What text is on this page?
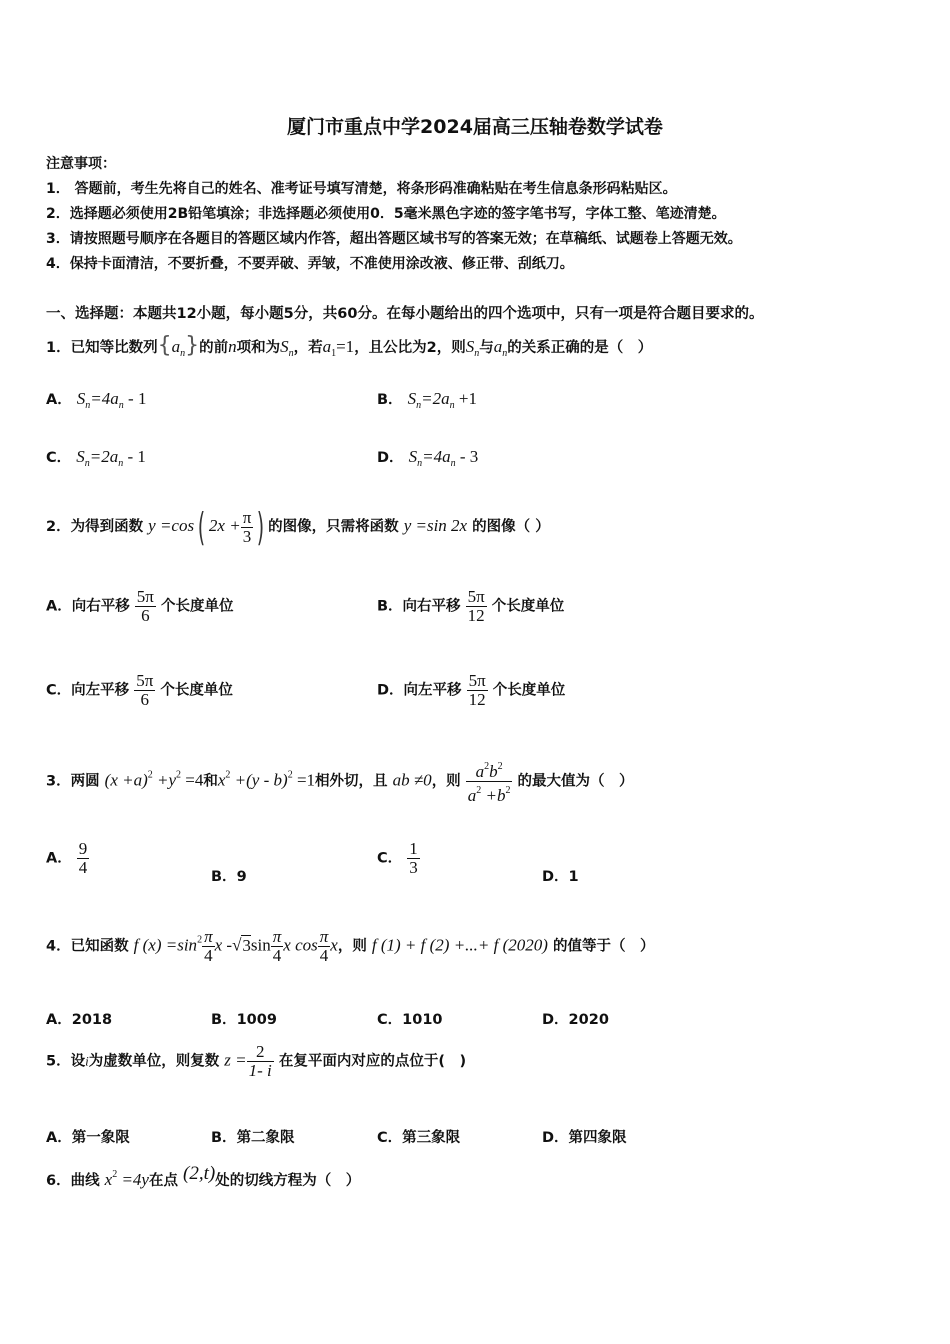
厦门市重点中学2024届高三压轴卷数学试卷
注意事项：
1． 答题前，考生先将自己的姓名、准考证号填写清楚，将条形码准确粘贴在考生信息条形码粘贴区。
2．选择题必须使用2B铅笔填涂；非选择题必须使用0．5毫米黑色字迹的签字笔书写，字体工整、笔迹清楚。
3．请按照题号顺序在各题目的答题区域内作答，超出答题区域书写的答案无效；在草稿纸、试题卷上答题无效。
4．保持卡面清洁，不要折叠，不要弄破、弄皱，不准使用涂改液、修正带、刮纸刀。
一、选择题：本题共12小题，每小题5分，共60分。在每小题给出的四个选项中，只有一项是符合题目要求的。
1．已知等比数列$\{a_n\}$的前n项和为$S_n$，若$a_1=1$，且公比为2，则$S_n$与$a_n$的关系正确的是（　）
A． $S_n=4a_n - 1$	B． $S_n=2a_n +1$
C． $S_n=2a_n - 1$	D． $S_n=4a_n - 3$
2．为得到函数 y =cos( $2x + \frac{\pi}{3}$ ) 的图像，只需将函数 y =sin 2x 的图像（ ）
A．向右平移 $\frac{5\pi}{6}$ 个长度单位	B．向右平移 $\frac{5\pi}{12}$ 个长度单位
C．向左平移 $\frac{5\pi}{6}$ 个长度单位	D．向左平移 $\frac{5\pi}{12}$ 个长度单位
3．两圆 $(x +a)^2 +y^2 =4$和$x^2 +(y - b)^2 =1$相外切，且 ab ≠0，则 $\frac{a^2b^2}{a^2 +b^2}$ 的最大值为（　）
A． $\frac{9}{4}$	B．9
C． $\frac{1}{3}$	D．1
4．已知函数 f $(x) =\sin^2 \frac{\pi}{4}$ x $-√3\sin \frac{\pi}{4}$ x $\cos \frac{\pi}{4}$ x，则 f (1) + f (2) +...+ f (2020) 的值等于（　）
A．2018	B．1009	C．1010	D．2020
5．设i为虚数单位，则复数 $z = \frac{2}{1- i}$ 在复平面内对应的点位于(　)
A．第一象限	B．第二象限	C．第三象限	D．第四象限
6．曲线 $x^2 =4y$在点 (2,t)处的切线方程为（　）
